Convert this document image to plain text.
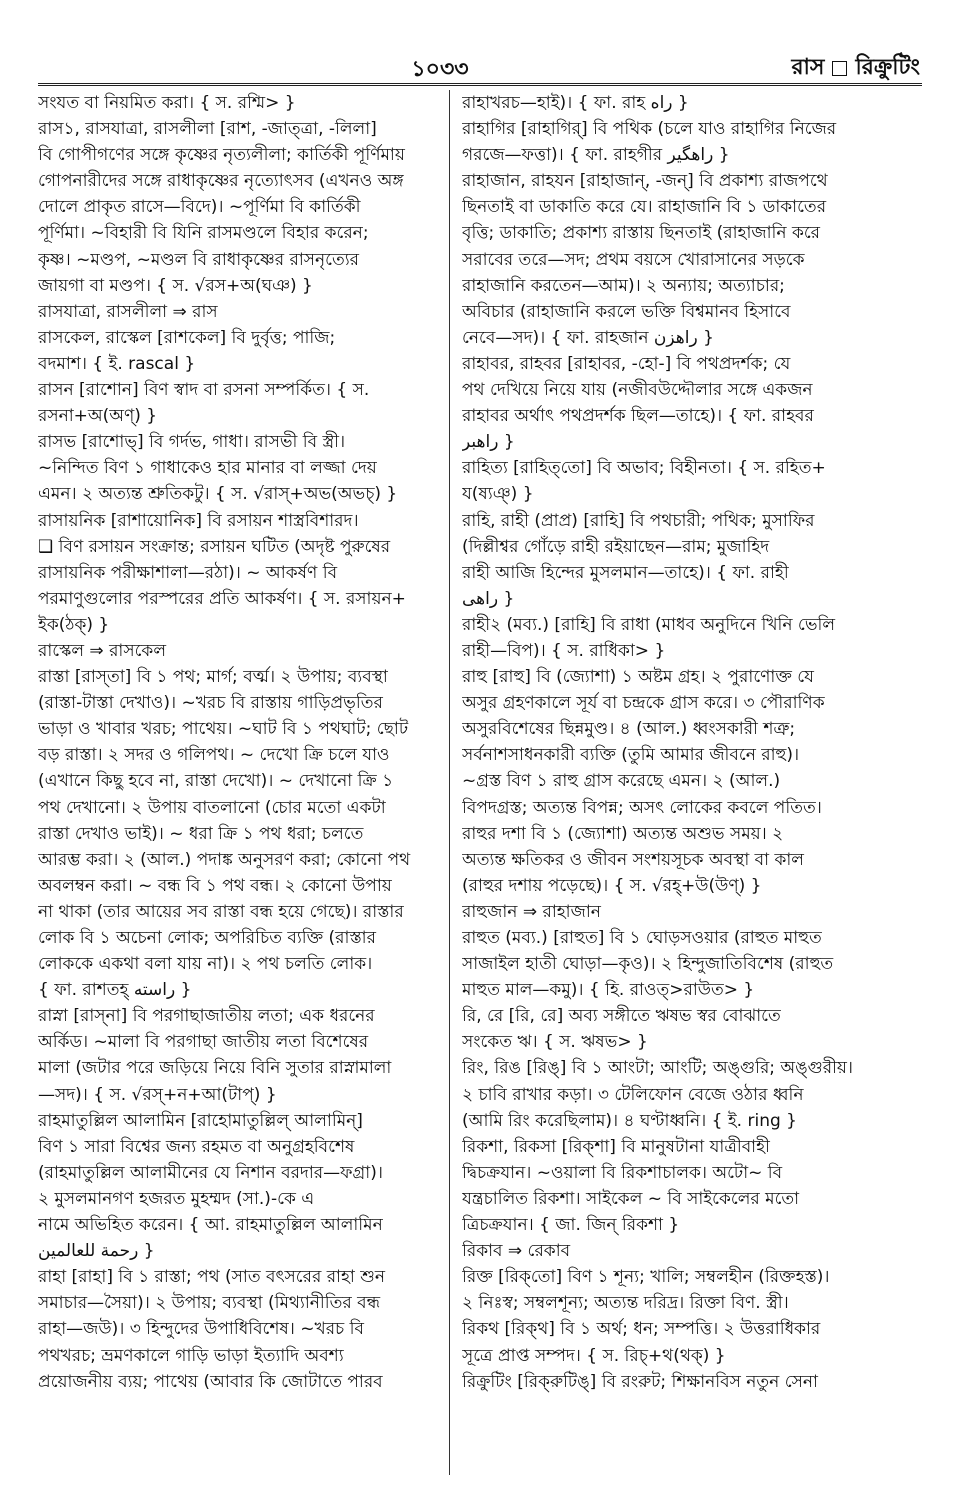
১০৩৩	রাস রিক্রুটিং
সংযত বা নিয়মিত করা। { স. রশ্মি> }
রাস১, রাসযাত্রা, রাসলীলা [রাশ, -জাত্‌ত্রা, -লিলা]
বি গোপীগণের সঙ্গে কৃষ্ণের নৃত্যলীলা; কার্তিকী পূর্ণিমায়
গোপনারীদের সঙ্গে রাধাকৃষ্ণের নৃত্যোৎসব (এখনও অঙ্গ
দোলে প্রাকৃত রাসে—বিদে)। ~পূর্ণিমা বি কার্তিকী
পূর্ণিমা। ~বিহারী বি যিনি রাসমণ্ডলে বিহার করেন;
কৃষ্ণ। ~মণ্ডপ, ~মণ্ডল বি রাধাকৃষ্ণের রাসনৃত্যের
জায়গা বা মণ্ডপ। { স. √রস+অ(ঘঞ) }
রাসযাত্রা, রাসলীলা ⇒ রাস
রাসকেল, রাস্কেল [রাশকেল] বি দুর্বৃত্ত; পাজি;
বদমাশ। { ই. rascal }
রাসন [রাশোন] বিণ স্বাদ বা রসনা সম্পর্কিত। { স.
রসনা+অ(অণ্) }
রাসভ [রাশোভ্] বি গর্দভ, গাধা। রাসভী বি স্ত্রী।
~নিন্দিত বিণ ১ গাধাকেও হার মানার বা লজ্জা দেয়
এমন। ২ অত্যন্ত শ্রুতিকটু। { স. √রাস্+অভ(অভচ্) }
রাসায়নিক [রাশায়োনিক] বি রসায়ন শাস্ত্রবিশারদ।
❑ বিণ রসায়ন সংক্রান্ত; রসায়ন ঘটিত (অদৃষ্ট পুরুষের
রাসায়নিক পরীক্ষাশালা—রঠা)। ~ আকর্ষণ বি
পরমাণুগুলোর পরস্পরের প্রতি আকর্ষণ। { স. রসায়ন+
ইক(ঠক্) }
রাস্কেল ⇒ রাসকেল
রাস্তা [রাস্‌তা] বি ১ পথ; মার্গ; বর্ত্ম। ২ উপায়; ব্যবস্থা
(রাস্তা-টাস্তা দেখাও)। ~খরচ বি রাস্তায় গাড়িপ্রভৃতির
ভাড়া ও খাবার খরচ; পাথেয়। ~ঘাট বি ১ পথঘাট; ছোট
বড় রাস্তা। ২ সদর ও গলিপথ। ~ দেখো ক্রি চলে যাও
(এখানে কিছু হবে না, রাস্তা দেখো)। ~ দেখানো ক্রি ১
পথ দেখানো। ২ উপায় বাতলানো (চোর মতো একটা
রাস্তা দেখাও ভাই)। ~ ধরা ক্রি ১ পথ ধরা; চলতে
আরম্ভ করা। ২ (আল.) পদাঙ্ক অনুসরণ করা; কোনো পথ
অবলম্বন করা। ~ বন্ধ বি ১ পথ বন্ধ। ২ কোনো উপায়
না থাকা (তার আয়ের সব রাস্তা বন্ধ হয়ে গেছে)। রাস্তার
লোক বি ১ অচেনা লোক; অপরিচিত ব্যক্তি (রাস্তার
লোককে একথা বলা যায় না)। ২ পথ চলতি লোক।
{ ফা. রাশতহ্ راسته }
রাস্না [রাস্‌না] বি পরগাছাজাতীয় লতা; এক ধরনের
অর্কিড। ~মালা বি পরগাছা জাতীয় লতা বিশেষের
মালা (জটার পরে জড়িয়ে নিয়ে বিনি সুতার রাস্নামালা
—সদ)। { স. √রস্+ন+আ(টাপ্) }
রাহমাতুল্লিল আলামিন [রাহোমাতুল্লিল্ আলামিন্]
বিণ ১ সারা বিশ্বের জন্য রহমত বা অনুগ্রহবিশেষ
(রাহমাতুল্লিল আলামীনের যে নিশান বরদার—ফগ্রা)।
২ মুসলমানগণ হজরত মুহম্মদ (সা.)-কে এ
নামে অভিহিত করেন। { আ. রাহমাতুল্লিল আলামিন
رحمة للعالمين }
রাহা [রাহা] বি ১ রাস্তা; পথ (সাত বৎসরের রাহা শুন
সমাচার—সৈয়া)। ২ উপায়; ব্যবস্থা (মিথ্যানীতির বন্ধ
রাহা—জউ)। ৩ হিন্দুদের উপাধিবিশেষ। ~খরচ বি
পথখরচ; ভ্রমণকালে গাড়ি ভাড়া ইত্যাদি অবশ্য
প্রয়োজনীয় ব্যয়; পাথেয় (আবার কি জোটাতে পারব
রাহাখরচ—হাই)। { ফা. রাহ راه }
রাহাগির [রাহাগির্] বি পথিক (চলে যাও রাহাগির নিজের
গরজে—ফত্তা)। { ফা. রাহগীর راهگیر }
রাহাজান, রাহযন [রাহাজান্, -জন্] বি প্রকাশ্য রাজপথে
ছিনতাই বা ডাকাতি করে যে। রাহাজানি বি ১ ডাকাতের
বৃত্তি; ডাকাতি; প্রকাশ্য রাস্তায় ছিনতাই (রাহাজানি করে
সরাবের তরে—সদ; প্রথম বয়সে খোরাসানের সড়কে
রাহাজানি করতেন—আম)। ২ অন্যায়; অত্যাচার;
অবিচার (রাহাজানি করলে ভক্তি বিশ্বমানব হিসাবে
নেবে—সদ)। { ফা. রাহজান راهزن }
রাহাবর, রাহবর [রাহাবর, -হো-] বি পথপ্রদর্শক; যে
পথ দেখিয়ে নিয়ে যায় (নজীবউদ্দৌলার সঙ্গে একজন
রাহাবর অর্থাৎ পথপ্রদর্শক ছিল—তাহে)। { ফা. রাহবর
راهبر }
রাহিত্য [রাহিত্‌তো] বি অভাব; বিহীনতা। { স. রহিত+
য(ষ্যঞ্) }
রাহি, রাহী (প্রাপ্র) [রাহি] বি পথচারী; পথিক; মুসাফির
(দিল্লীশ্বর গোঁড়ে রাহী রইয়াছেন—রাম; মুজাহিদ
রাহী আজি হিন্দের মুসলমান—তাহে)। { ফা. রাহী
راهی }
রাহী২ (মব্য.) [রাহি] বি রাধা (মাধব অনুদিনে খিনি ভেলি
রাহী—বিপ)। { স. রাধিকা> }
রাহু [রাহু] বি (জ্যোশা) ১ অষ্টম গ্রহ। ২ পুরাণোক্ত যে
অসুর গ্রহণকালে সূর্য বা চন্দ্রকে গ্রাস করে। ৩ পৌরাণিক
অসুরবিশেষের ছিন্নমুণ্ড। ৪ (আল.) ধ্বংসকারী শত্রু;
সর্বনাশসাধনকারী ব্যক্তি (তুমি আমার জীবনে রাহু)।
~গ্রস্ত বিণ ১ রাহু গ্রাস করেছে এমন। ২ (আল.)
বিপদগ্রস্ত; অত্যন্ত বিপন্ন; অসৎ লোকের কবলে পতিত।
রাহুর দশা বি ১ (জ্যোশা) অত্যন্ত অশুভ সময়। ২
অত্যন্ত ক্ষতিকর ও জীবন সংশয়সূচক অবস্থা বা কাল
(রাহুর দশায় পড়েছে)। { স. √রহ্+উ(উণ্) }
রাহুজান ⇒ রাহাজান
রাহুত (মব্য.) [রাহুত] বি ১ ঘোড়সওয়ার (রাহুত মাহুত
সাজাইল হাতী ঘোড়া—কৃও)। ২ হিন্দুজাতিবিশেষ (রাহুত
মাহুত মাল—কমু)। { হি. রাওত্>রাউত> }
রি, রে [রি, রে] অব্য সঙ্গীতে ঋষভ স্বর বোঝাতে
সংকেত ঋ। { স. ঋষভ> }
রিং, রিঙ [রিঙ্] বি ১ আংটা; আংটি; অঙ্গুরি; অঙ্গুরীয়।
২ চাবি রাখার কড়া। ৩ টেলিফোন বেজে ওঠার ধ্বনি
(আমি রিং করেছিলাম)। ৪ ঘণ্টাধ্বনি। { ই. ring }
রিকশা, রিকসা [রিক্‌শা] বি মানুষটানা যাত্রীবাহী
দ্বিচক্রযান। ~ওয়ালা বি রিকশাচালক। অটো~ বি
যন্ত্রচালিত রিকশা। সাইকেল ~ বি সাইকেলের মতো
ত্রিচক্রযান। { জা. জিন্ রিকশা }
রিকাব ⇒ রেকাব
রিক্ত [রিক্‌তো] বিণ ১ শূন্য; খালি; সম্বলহীন (রিক্তহস্ত)।
২ নিঃস্ব; সম্বলশূন্য; অত্যন্ত দরিদ্র। রিক্তা বিণ. স্ত্রী।
রিকথ [রিক্‌থ] বি ১ অর্থ; ধন; সম্পত্তি। ২ উত্তরাধিকার
সূত্রে প্রাপ্ত সম্পদ। { স. রিচ্+থ(থক্) }
রিক্রুটিং [রিক্‌রুটিঙ্] বি রংরুট; শিক্ষানবিস নতুন সেনা
